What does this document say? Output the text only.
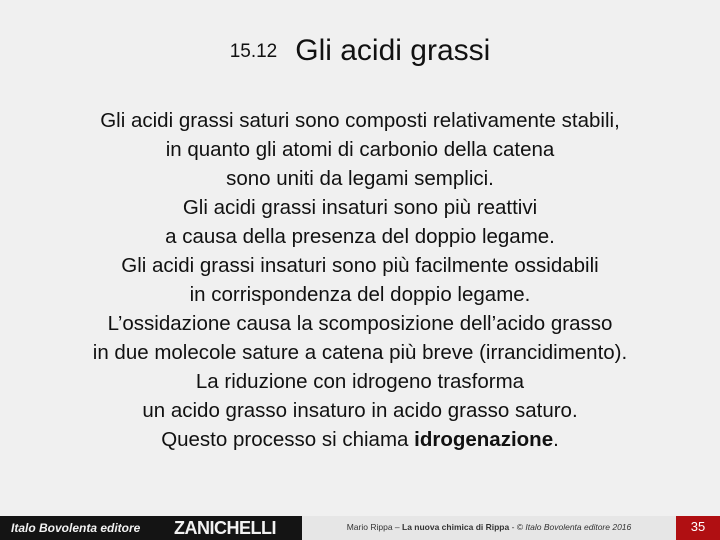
15.12 Gli acidi grassi
Gli acidi grassi saturi sono composti relativamente stabili,
in quanto gli atomi di carbonio della catena
sono uniti da legami semplici.
Gli acidi grassi insaturi sono più reattivi
a causa della presenza del doppio legame.
Gli acidi grassi insaturi sono più facilmente ossidabili
in corrispondenza del doppio legame.
L’ossidazione causa la scomposizione dell’acido grasso
in due molecole sature a catena più breve (irrancidimento).
La riduzione con idrogeno trasforma
un acido grasso insaturo in acido grasso saturo.
Questo processo si chiama idrogenazione.
Italo Bovolenta editore ZANICHELLI	Mario Rippa – La nuova chimica di Rippa - © Italo Bovolenta editore 2016	35
